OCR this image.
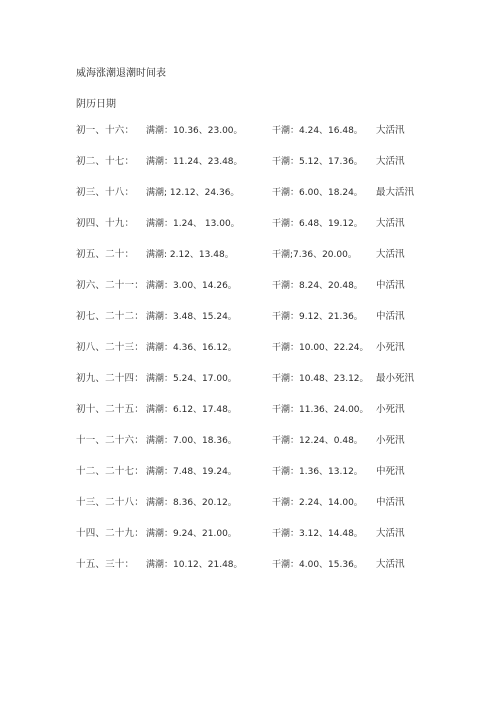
威海涨潮退潮时间表
阴历日期
初一、十六： 满潮：10.36、23.00。	干潮：4.24、16.48。 大活汛
初二、十七： 满潮：11.24、23.48。	干潮：5.12、17.36。 大活汛
初三、十八： 满潮; 12.12、24.36。	干潮：6.00、18.24。 最大活汛
初四、十九： 满潮：1.24、 13.00。	干潮：6.48、19.12。 大活汛
初五、二十： 满潮: 2.12、13.48。	干潮;7.36、20.00。 大活汛
初六、二十一： 满潮：3.00、14.26。	干潮：8.24、20.48。 中活汛
初七、二十二： 满潮：3.48、15.24。	干潮：9.12、21.36。 中活汛
初八、二十三： 满潮：4.36、16.12。	干潮：10.00、22.24。 小死汛
初九、二十四： 满潮：5.24、17.00。	干潮：10.48、23.12。 最小死汛
初十、二十五： 满潮：6.12、17.48。	干潮：11.36、24.00。 小死汛
十一、二十六： 满潮：7.00、18.36。	干潮：12.24、0.48。 小死汛
十二、二十七： 满潮：7.48、19.24。	干潮：1.36、13.12。 中死汛
十三、二十八： 满潮：8.36、20.12。	干潮：2.24、14.00。 中活汛
十四、二十九： 满潮：9.24、21.00。	干潮：3.12、14.48。 大活汛
十五、三十： 满潮：10.12、21.48。	干潮：4.00、15.36。 大活汛
